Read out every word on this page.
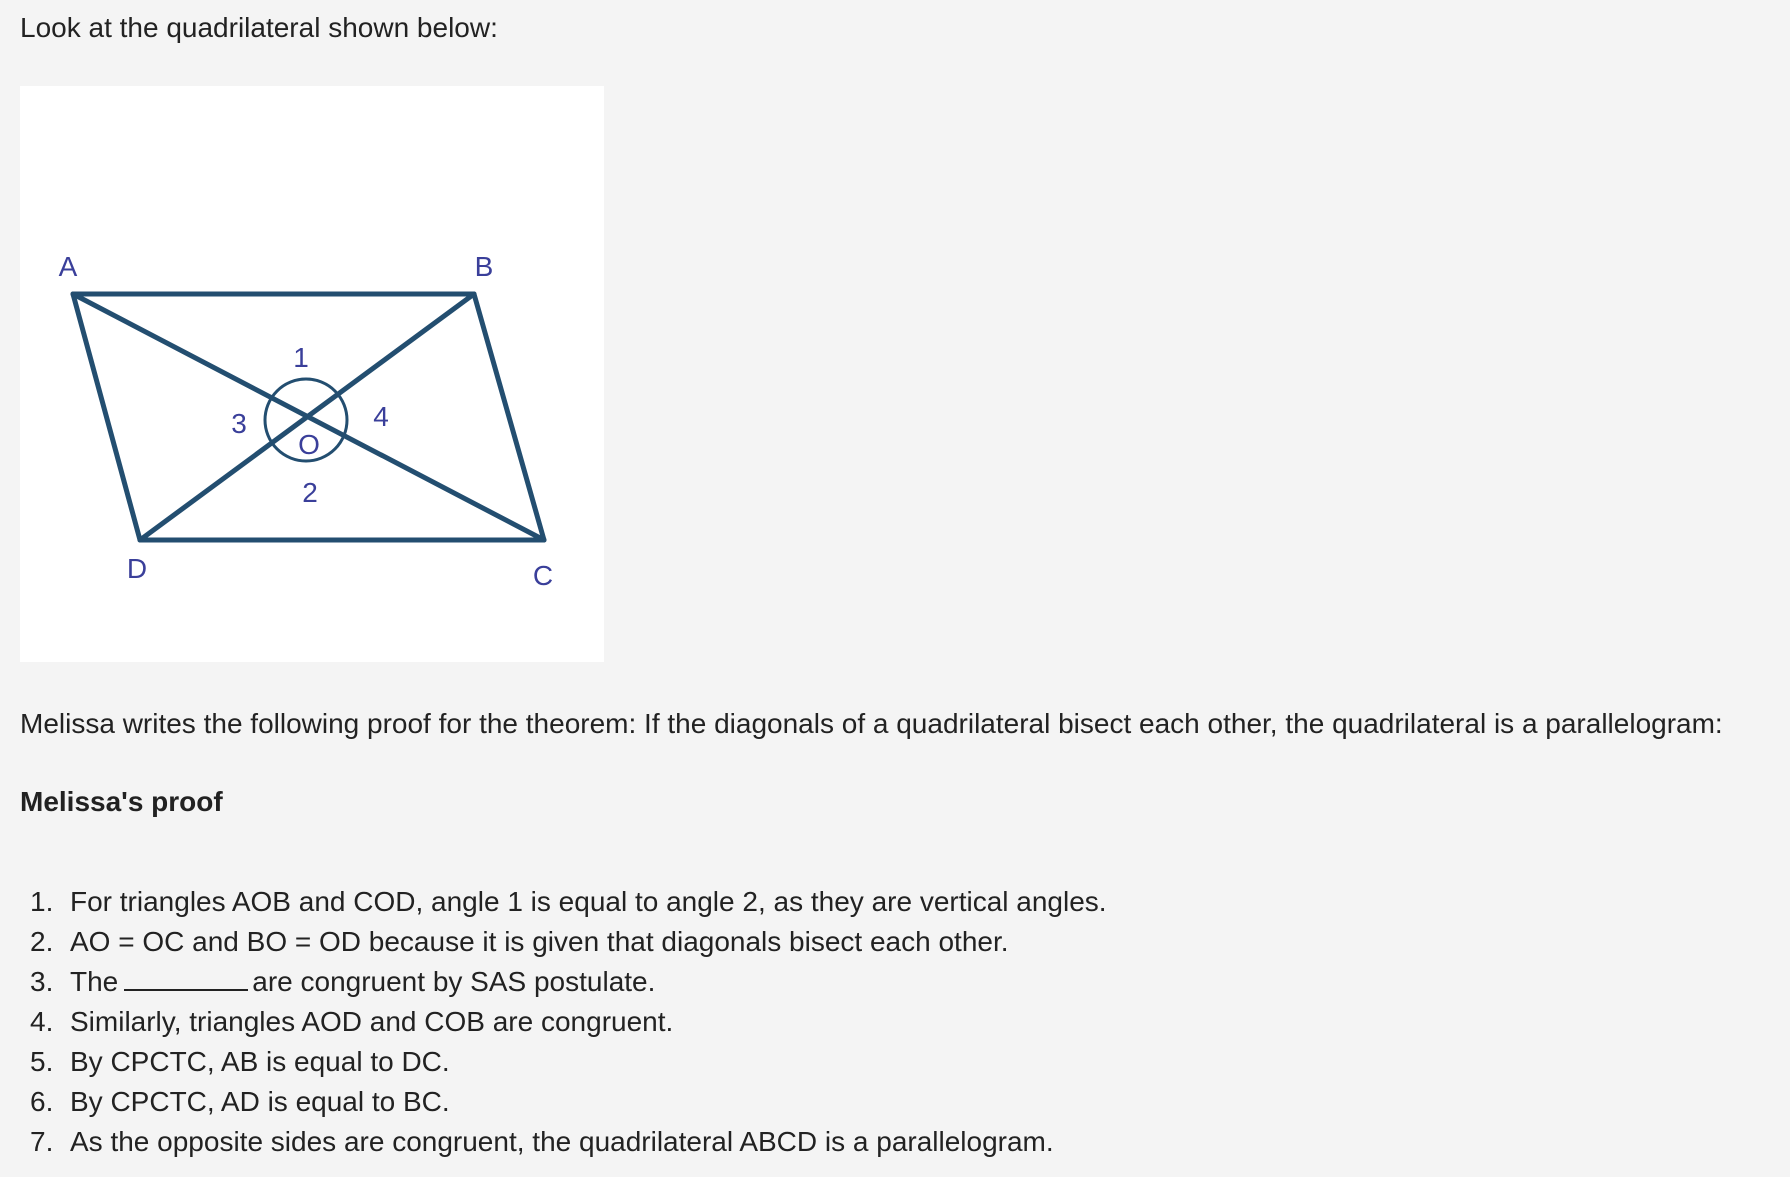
Look at the quadrilateral shown below:

A	B
C
D
O
1
3	4
2

Melissa writes the following proof for the theorem: If the diagonals of a quadrilateral bisect each other, the quadrilateral is a parallelogram:

Melissa's proof

1. For triangles AOB and COD, angle 1 is equal to angle 2, as they are vertical angles.
2. AO = OC and BO = OD because it is given that diagonals bisect each other.
3. The	are congruent by SAS postulate.
4. Similarly, triangles AOD and COB are congruent.
5. By CPCTC, AB is equal to DC.
6. By CPCTC, AD is equal to BC.
7. As the opposite sides are congruent, the quadrilateral ABCD is a parallelogram.
